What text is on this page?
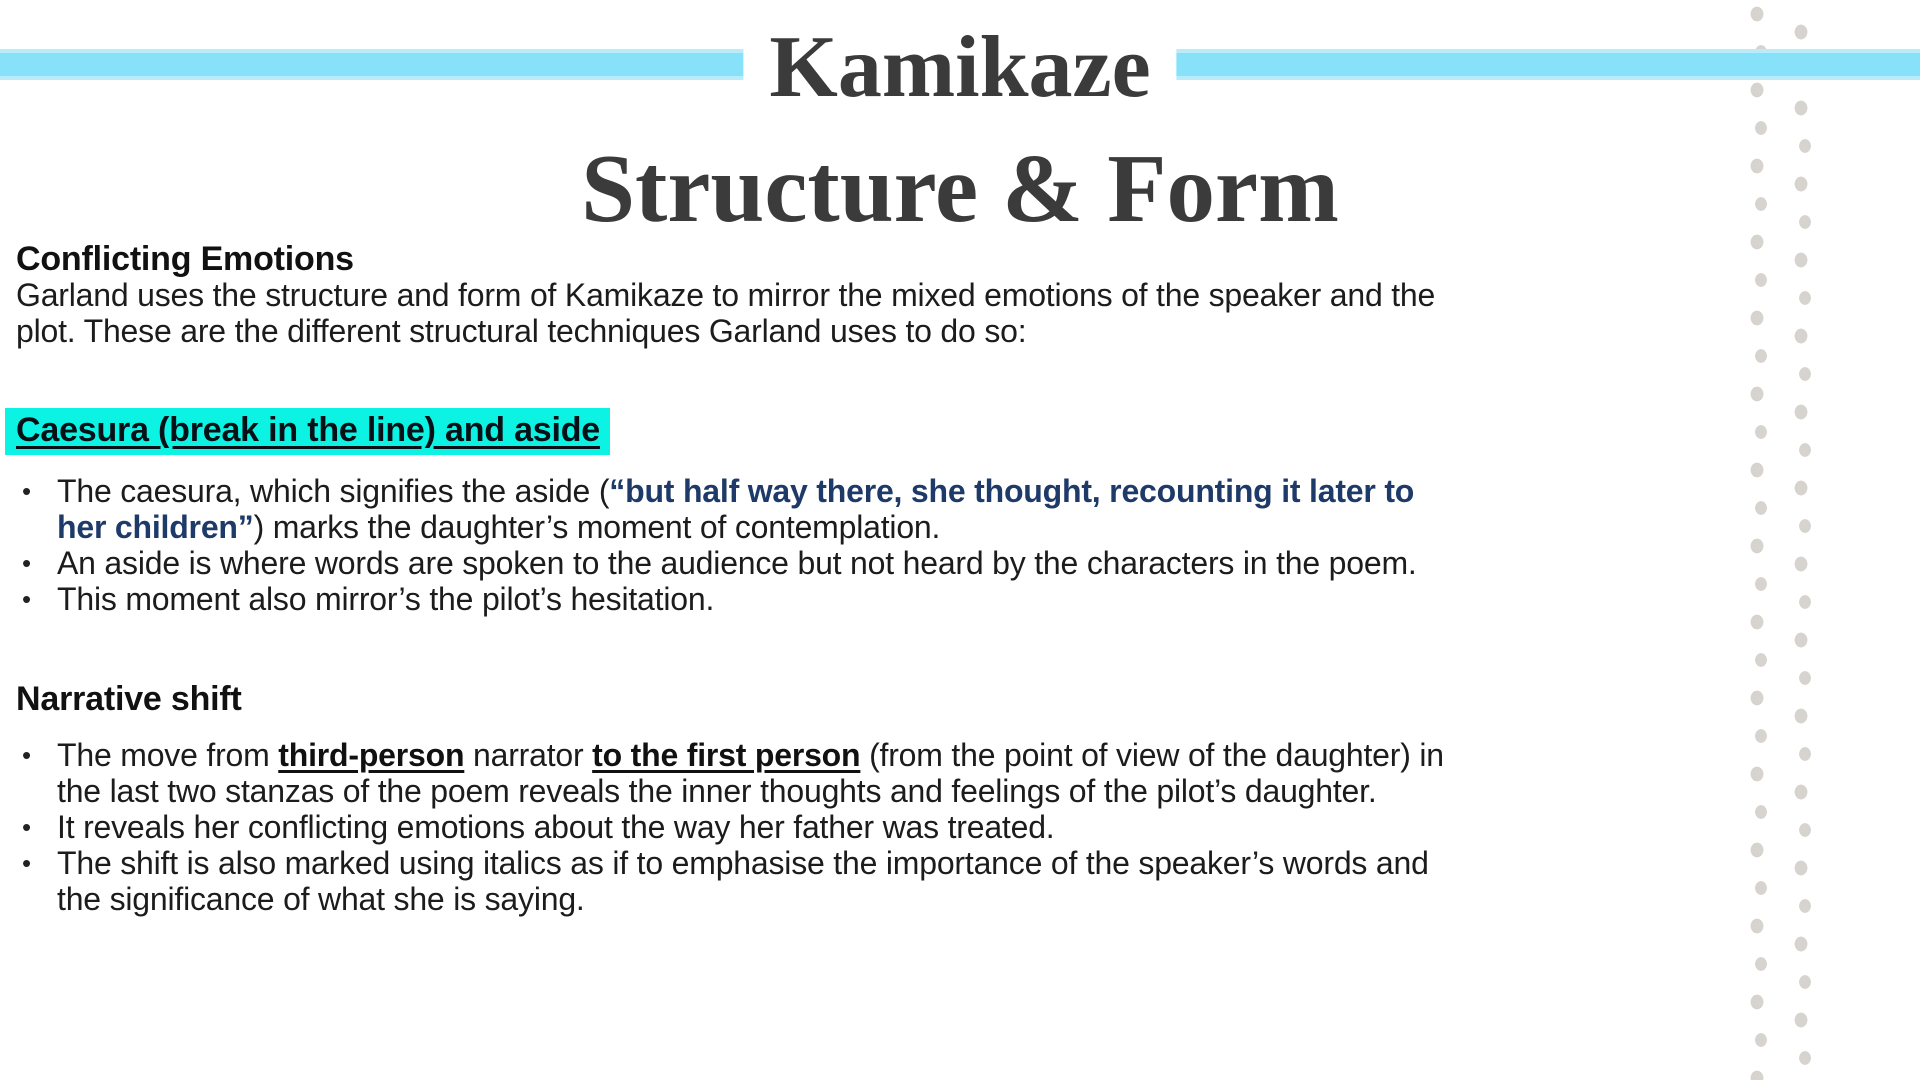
Kamikaze
Structure & Form
Conflicting Emotions

Garland uses the structure and form of Kamikaze to mirror the mixed emotions of the speaker and the
plot. These are the different structural techniques Garland uses to do so:

Caesura (break in the line) and aside
• The caesura, which signifies the aside (“but half way there, she thought, recounting it later to
her children”) marks the daughter’s moment of contemplation.
• An aside is where words are spoken to the audience but not heard by the characters in the poem.
• This moment also mirror’s the pilot’s hesitation.
Narrative shift
• The move from third-person narrator to the first person (from the point of view of the daughter) in
the last two stanzas of the poem reveals the inner thoughts and feelings of the pilot’s daughter.
• It reveals her conflicting emotions about the way her father was treated.
• The shift is also marked using italics as if to emphasise the importance of the speaker’s words and
the significance of what she is saying.
